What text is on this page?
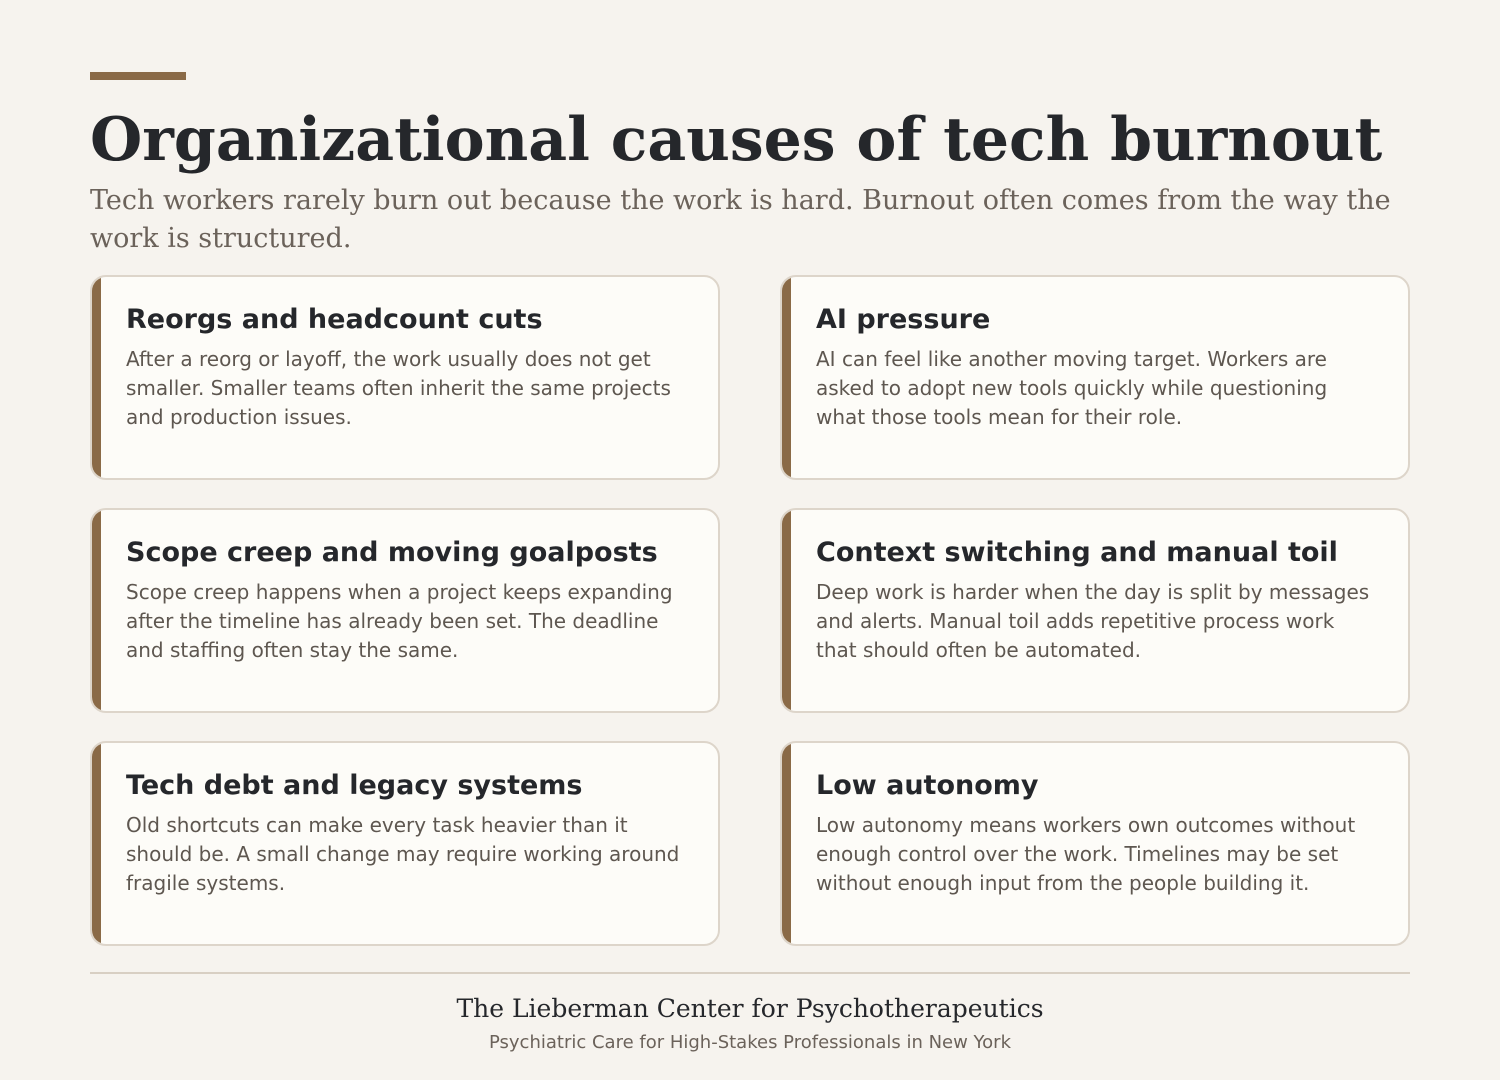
Organizational causes of tech burnout

Tech workers rarely burn out because the work is hard. Burnout often comes from the way the work is structured.

Reorgs and headcount cuts

After a reorg or layoff, the work usually does not get smaller. Smaller teams often inherit the same projects and production issues.

AI pressure

AI can feel like another moving target. Workers are asked to adopt new tools quickly while questioning what those tools mean for their role.

Scope creep and moving goalposts

Scope creep happens when a project keeps expanding after the timeline has already been set. The deadline and staffing often stay the same.

Context switching and manual toil

Deep work is harder when the day is split by messages and alerts. Manual toil adds repetitive process work that should often be automated.

Tech debt and legacy systems

Old shortcuts can make every task heavier than it should be. A small change may require working around fragile systems.

Low autonomy

Low autonomy means workers own outcomes without enough control over the work. Timelines may be set without enough input from the people building it.

The Lieberman Center for Psychotherapeutics
Psychiatric Care for High-Stakes Professionals in New York
